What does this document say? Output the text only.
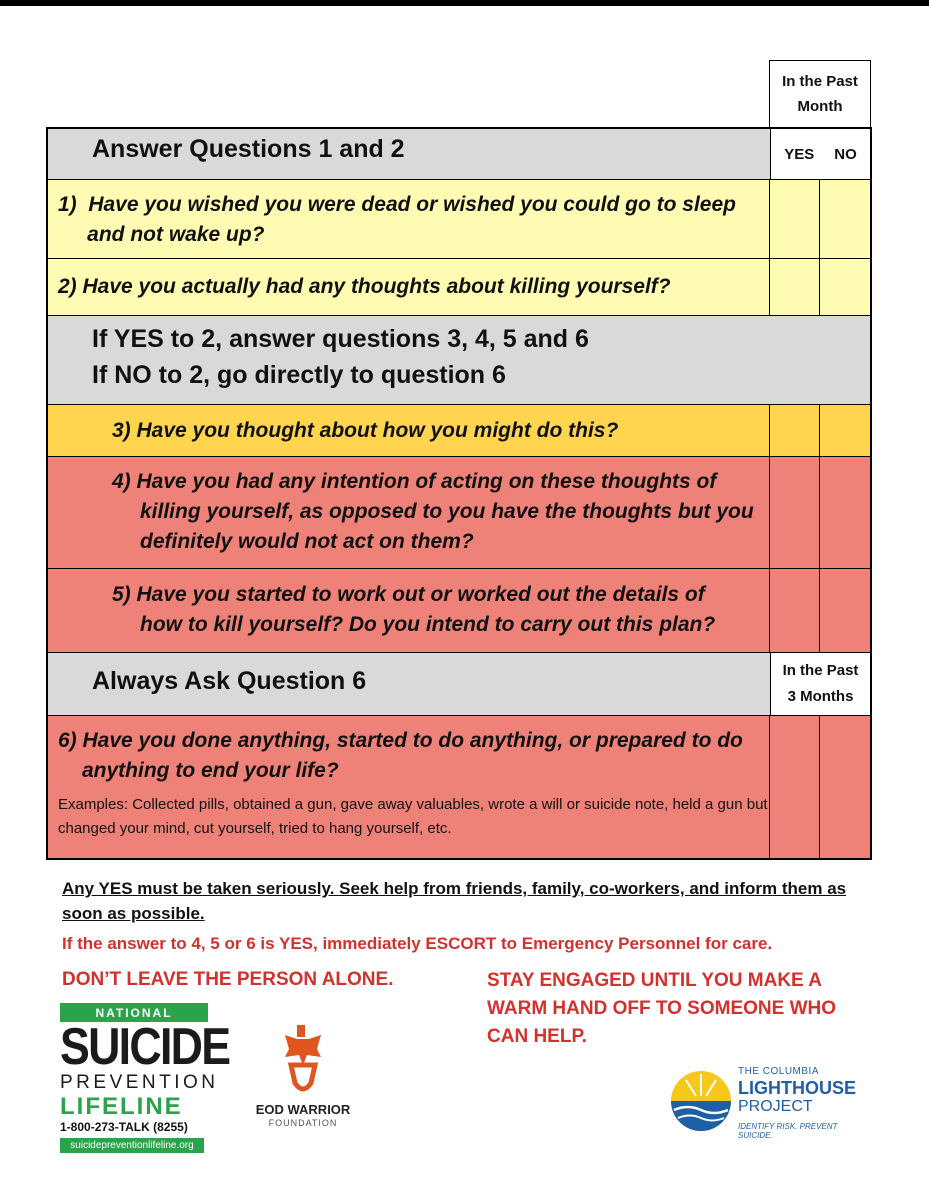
In the Past Month
Answer Questions 1 and 2	YES NO
1)  Have you wished you were dead or wished you could go to sleep
and not wake up?
2) Have you actually had any thoughts about killing yourself?
If YES to 2, answer questions 3, 4, 5 and 6
If NO to 2, go directly to question 6
3) Have you thought about how you might do this?
4) Have you had any intention of acting on these thoughts of
killing yourself, as opposed to you have the thoughts but you
definitely would not act on them?
5) Have you started to work out or worked out the details of
how to kill yourself? Do you intend to carry out this plan?
Always Ask Question 6	In the Past 3 Months
6) Have you done anything, started to do anything, or prepared to do
anything to end your life?
Examples: Collected pills, obtained a gun, gave away valuables, wrote a will or suicide note, held a gun but changed your mind, cut yourself, tried to hang yourself, etc.
Any YES must be taken seriously. Seek help from friends, family, co-workers, and inform them as soon as possible.
If the answer to 4, 5 or 6 is YES, immediately ESCORT to Emergency Personnel for care.
DON’T LEAVE THE PERSON ALONE.	STAY ENGAGED UNTIL YOU MAKE A WARM HAND OFF TO SOMEONE WHO CAN HELP.
NATIONAL
SUICIDE
PREVENTION
LIFELINE
1-800-273-TALK (8255)
suicidepreventionlifeline.org
EOD WARRIOR
FOUNDATION
THE COLUMBIA
LIGHTHOUSE
PROJECT
IDENTIFY RISK. PREVENT SUICIDE.
